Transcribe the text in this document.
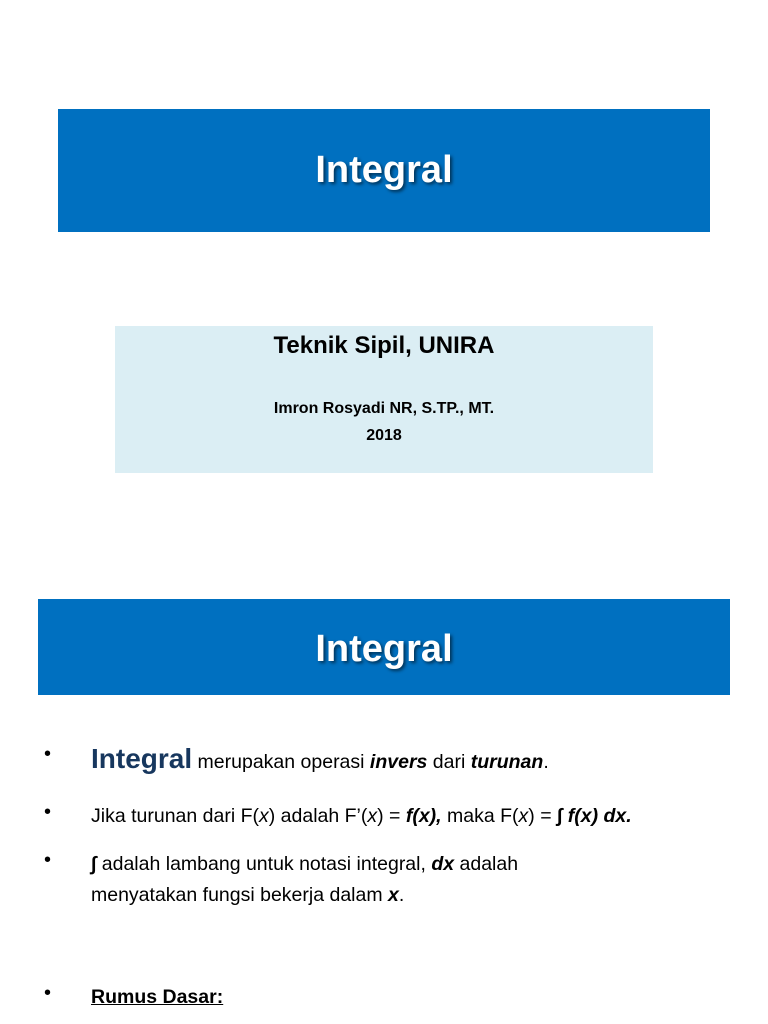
Integral
Teknik Sipil, UNIRA
Imron Rosyadi NR, S.TP., MT.
2018
Integral
• Integral merupakan operasi invers dari turunan.
• Jika turunan dari F(x) adalah F’(x) = f(x), maka F(x) = ∫ f(x) dx.
• ∫ adalah lambang untuk notasi integral, dx adalah
menyatakan fungsi bekerja dalam x.
• Rumus Dasar:
